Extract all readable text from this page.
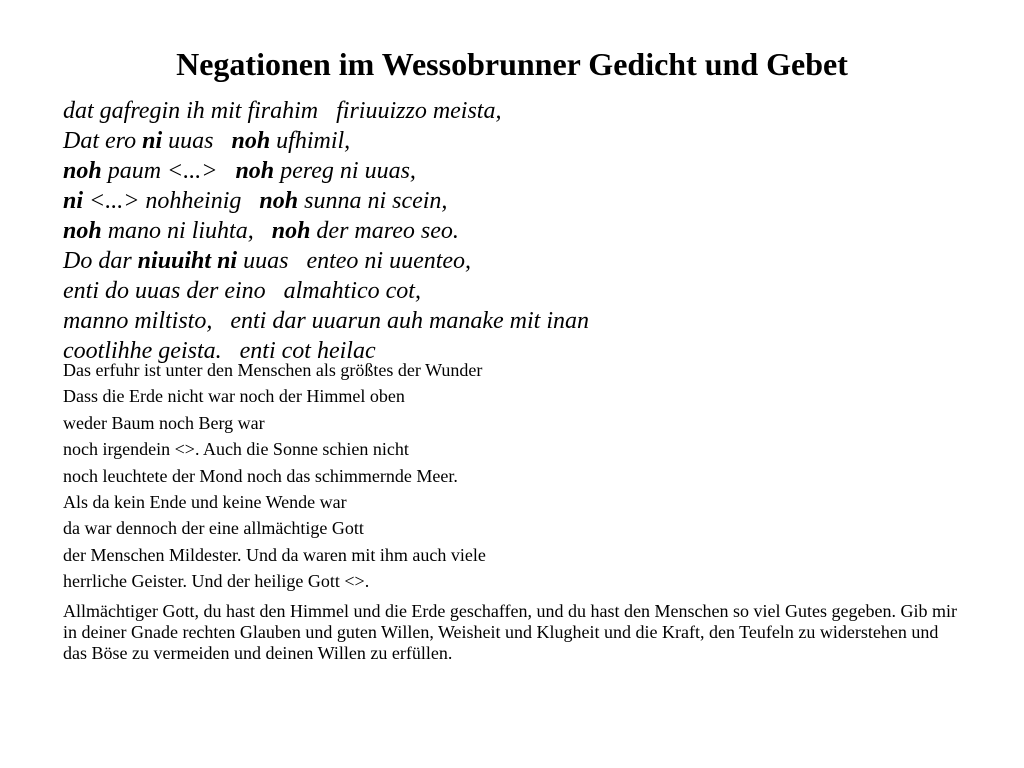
Negationen im Wessobrunner Gedicht und Gebet
dat gafregin ih mit firahim firiuuizzo meista,
Dat ero ni uuas noh ufhimil,
noh paum <...> noh pereg ni uuas,
ni <...> nohheinig noh sunna ni scein,
noh mano ni liuhta, noh der mareo seo.
Do dar niuuiht ni uuas enteo ni uuenteo,
enti do uuas der eino almahtico cot,
manno miltisto, enti dar uuarun auh manake mit inan
cootlihhe geista. enti cot heilac
Das erfuhr ist unter den Menschen als größtes der Wunder
Dass die Erde nicht war noch der Himmel oben
weder Baum noch Berg war
noch irgendein <>. Auch die Sonne schien nicht
noch leuchtete der Mond noch das schimmernde Meer.
Als da kein Ende und keine Wende war
da war dennoch der eine allmächtige Gott
der Menschen Mildester. Und da waren mit ihm auch viele
herrliche Geister. Und der heilige Gott <>.

Allmächtiger Gott, du hast den Himmel und die Erde geschaffen, und du hast den Menschen so viel Gutes gegeben. Gib mir in deiner Gnade rechten Glauben und guten Willen, Weisheit und Klugheit und die Kraft, den Teufeln zu widerstehen und das Böse zu vermeiden und deinen Willen zu erfüllen.
